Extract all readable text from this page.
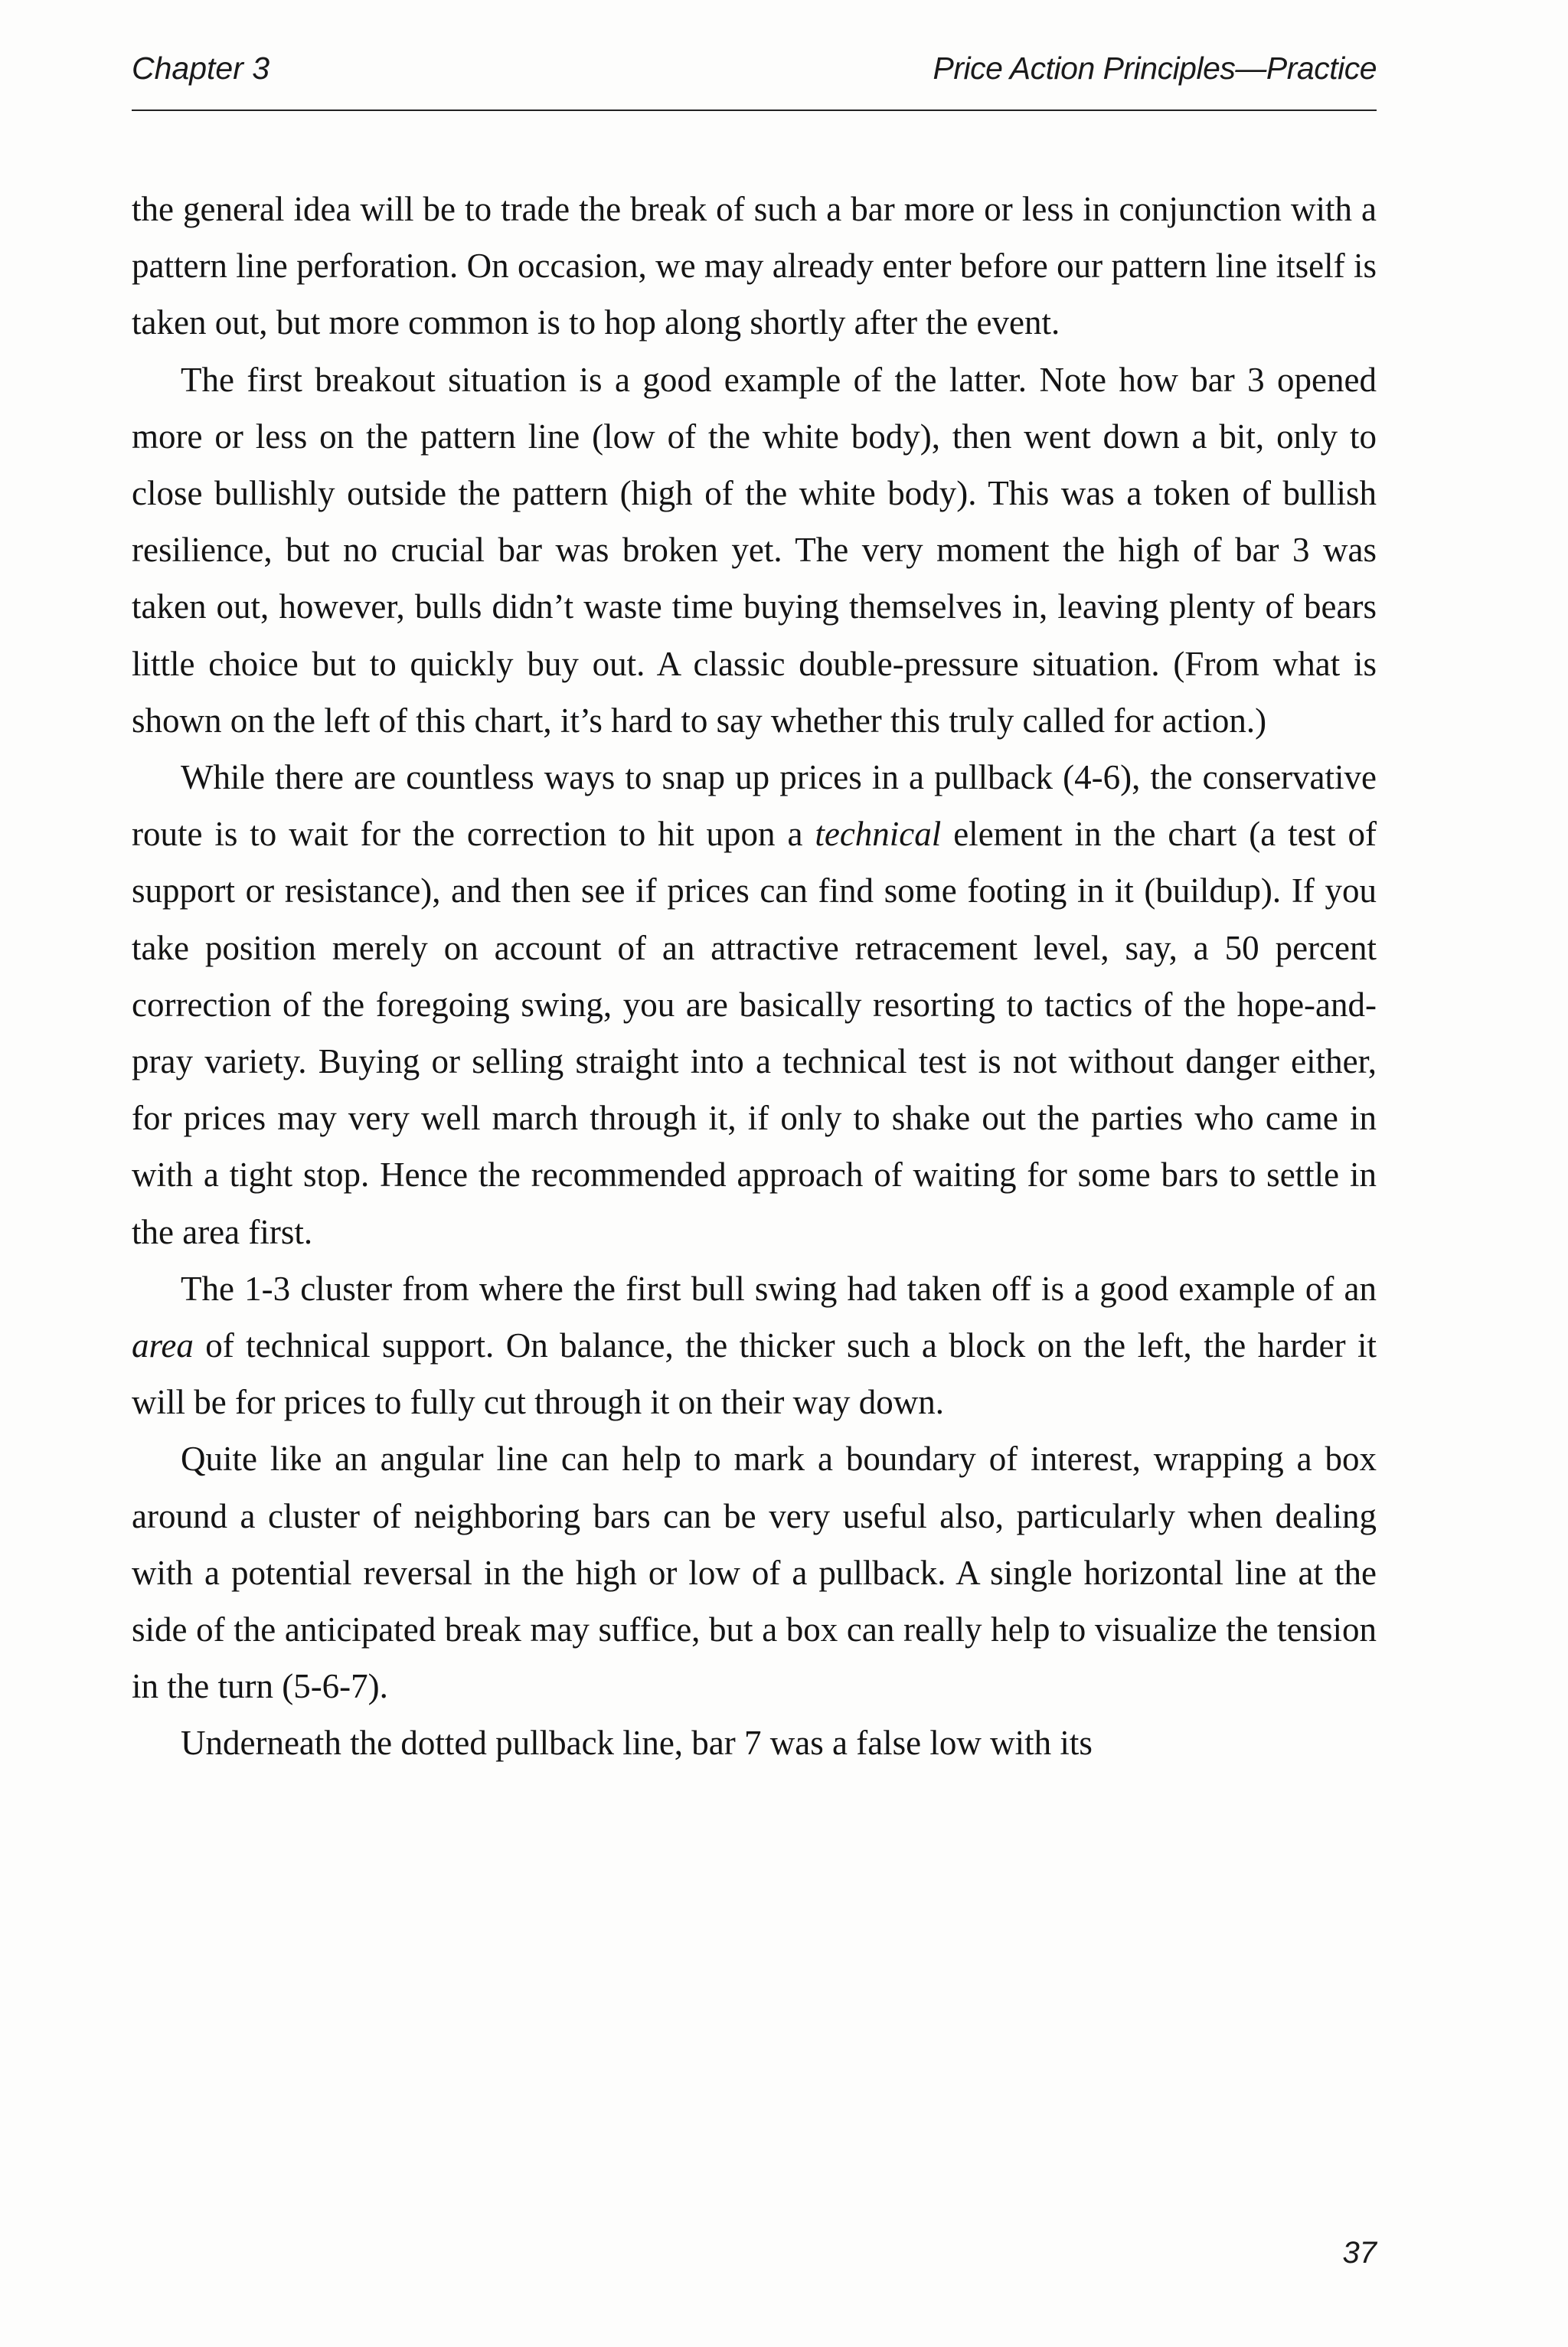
Chapter 3	Price Action Principles—Practice

the general idea will be to trade the break of such a bar more or less in conjunction with a pattern line perforation. On occasion, we may already enter before our pattern line itself is taken out, but more common is to hop along shortly after the event.

The first breakout situation is a good example of the latter. Note how bar 3 opened more or less on the pattern line (low of the white body), then went down a bit, only to close bullishly outside the pattern (high of the white body). This was a token of bullish resilience, but no crucial bar was broken yet. The very moment the high of bar 3 was taken out, however, bulls didn’t waste time buying themselves in, leaving plenty of bears little choice but to quickly buy out. A classic double-pressure situation. (From what is shown on the left of this chart, it’s hard to say whether this truly called for action.)

While there are countless ways to snap up prices in a pullback (4-6), the conservative route is to wait for the correction to hit upon a technical element in the chart (a test of support or resistance), and then see if prices can find some footing in it (buildup). If you take position merely on account of an attractive retracement level, say, a 50 percent correction of the foregoing swing, you are basically resorting to tactics of the hope-and-pray variety. Buying or selling straight into a technical test is not without danger either, for prices may very well march through it, if only to shake out the parties who came in with a tight stop. Hence the recommended approach of waiting for some bars to settle in the area first.

The 1-3 cluster from where the first bull swing had taken off is a good example of an area of technical support. On balance, the thicker such a block on the left, the harder it will be for prices to fully cut through it on their way down.

Quite like an angular line can help to mark a boundary of interest, wrapping a box around a cluster of neighboring bars can be very useful also, particularly when dealing with a potential reversal in the high or low of a pullback. A single horizontal line at the side of the anticipated break may suffice, but a box can really help to visualize the tension in the turn (5-6-7).

Underneath the dotted pullback line, bar 7 was a false low with its

37
